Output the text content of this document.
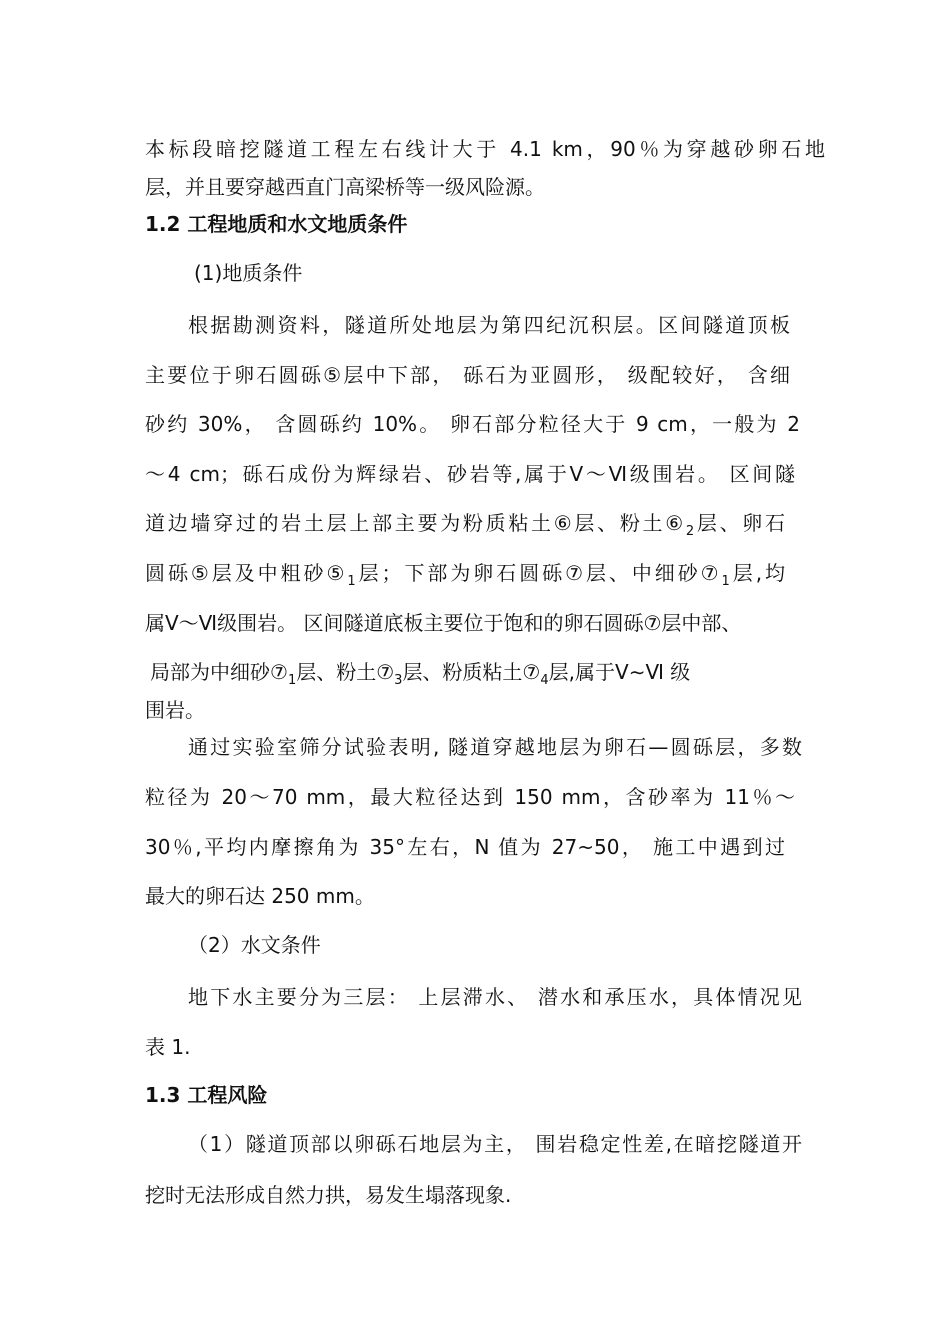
本标段暗挖隧道工程左右线计大于 4.1 km，90％为穿越砂卵石地
层，并且要穿越西直门高梁桥等一级风险源。
1.2 工程地质和水文地质条件
(1)地质条件
根据勘测资料，隧道所处地层为第四纪沉积层。区间隧道顶板
主要位于卵石圆砾⑤层中下部， 砾石为亚圆形， 级配较好， 含细
砂约 30%， 含圆砾约 10%。 卵石部分粒径大于 9 cm，一般为 2
～4 cm；砾石成份为辉绿岩、砂岩等,属于Ⅴ～Ⅵ级围岩。 区间隧
道边墙穿过的岩土层上部主要为粉质粘土⑥层、粉土$⑥_2$层、卵石
圆砾⑤层及中粗砂$⑤_1$层；下部为卵石圆砾⑦层、中细砂$⑦_1$层,均
属Ⅴ～Ⅵ级围岩。 区间隧道底板主要位于饱和的卵石圆砾⑦层中部、
局部为中细砂$⑦_1$层、粉土$⑦_3$层、粉质粘土$⑦_4$层,属于Ⅴ∼Ⅵ 级
围岩。
通过实验室筛分试验表明, 隧道穿越地层为卵石—圆砾层，多数
粒径为 20～70 mm，最大粒径达到 150 mm，含砂率为 11％～
30％,平均内摩擦角为 35°左右，N 值为 27~50， 施工中遇到过
最大的卵石达 250 mm。
（2）水文条件
地下水主要分为三层： 上层滞水、 潜水和承压水，具体情况见
表 1.
1.3 工程风险
（1）隧道顶部以卵砾石地层为主， 围岩稳定性差,在暗挖隧道开
挖时无法形成自然力拱，易发生塌落现象.
